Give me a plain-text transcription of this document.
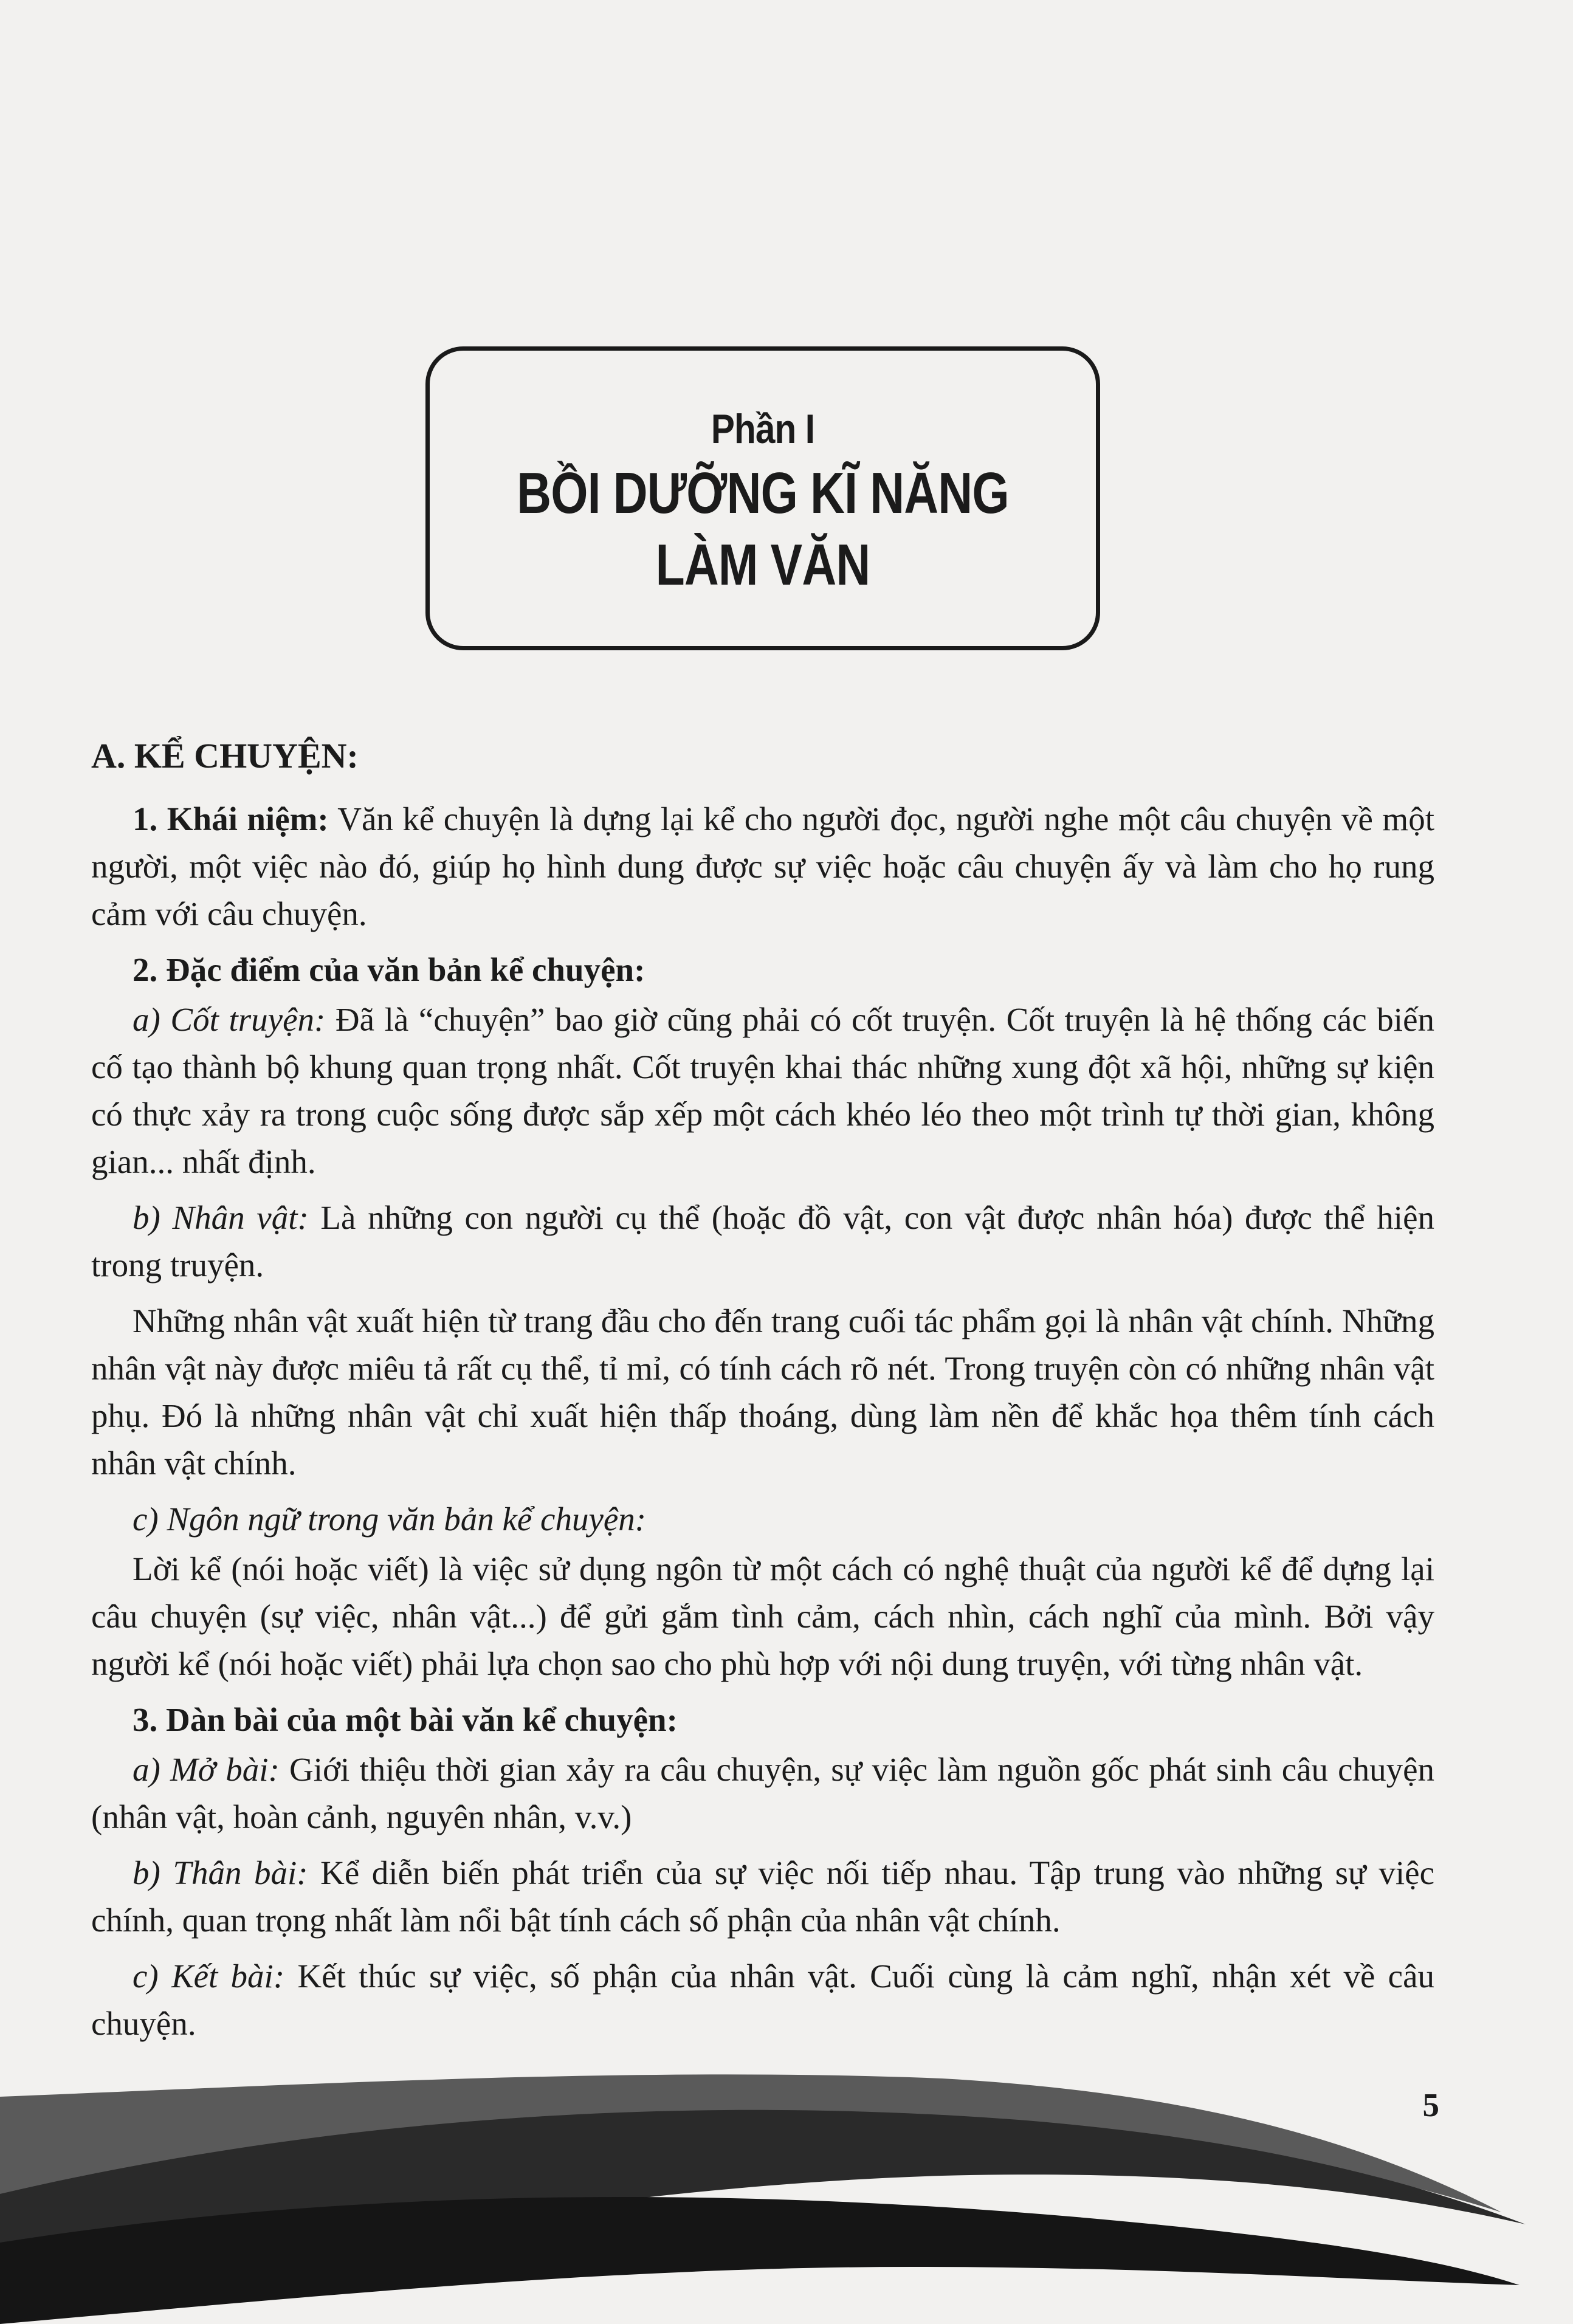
Phần I
BỒI DƯỠNG KĨ NĂNG
LÀM VĂN
A. KỂ CHUYỆN:

1. Khái niệm: Văn kể chuyện là dựng lại kể cho người đọc, người nghe một câu chuyện về một người, một việc nào đó, giúp họ hình dung được sự việc hoặc câu chuyện ấy và làm cho họ rung cảm với câu chuyện.

2. Đặc điểm của văn bản kể chuyện:

a) Cốt truyện: Đã là “chuyện” bao giờ cũng phải có cốt truyện. Cốt truyện là hệ thống các biến cố tạo thành bộ khung quan trọng nhất. Cốt truyện khai thác những xung đột xã hội, những sự kiện có thực xảy ra trong cuộc sống được sắp xếp một cách khéo léo theo một trình tự thời gian, không gian... nhất định.

b) Nhân vật: Là những con người cụ thể (hoặc đồ vật, con vật được nhân hóa) được thể hiện trong truyện.

Những nhân vật xuất hiện từ trang đầu cho đến trang cuối tác phẩm gọi là nhân vật chính. Những nhân vật này được miêu tả rất cụ thể, tỉ mỉ, có tính cách rõ nét. Trong truyện còn có những nhân vật phụ. Đó là những nhân vật chỉ xuất hiện thấp thoáng, dùng làm nền để khắc họa thêm tính cách nhân vật chính.

c) Ngôn ngữ trong văn bản kể chuyện:

Lời kể (nói hoặc viết) là việc sử dụng ngôn từ một cách có nghệ thuật của người kể để dựng lại câu chuyện (sự việc, nhân vật...) để gửi gắm tình cảm, cách nhìn, cách nghĩ của mình. Bởi vậy người kể (nói hoặc viết) phải lựa chọn sao cho phù hợp với nội dung truyện, với từng nhân vật.

3. Dàn bài của một bài văn kể chuyện:

a) Mở bài: Giới thiệu thời gian xảy ra câu chuyện, sự việc làm nguồn gốc phát sinh câu chuyện (nhân vật, hoàn cảnh, nguyên nhân, v.v.)

b) Thân bài: Kể diễn biến phát triển của sự việc nối tiếp nhau. Tập trung vào những sự việc chính, quan trọng nhất làm nổi bật tính cách số phận của nhân vật chính.

c) Kết bài: Kết thúc sự việc, số phận của nhân vật. Cuối cùng là cảm nghĩ, nhận xét về câu chuyện.

5
